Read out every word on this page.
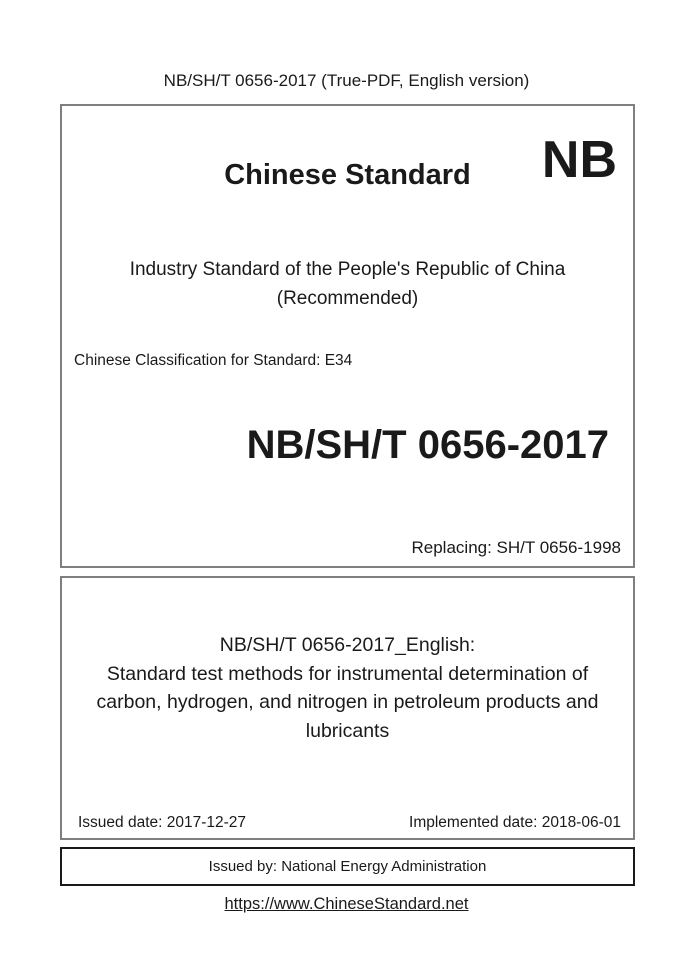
NB/SH/T 0656-2017 (True-PDF, English version)
Chinese Standard	NB
Industry Standard of the People's Republic of China
(Recommended)
Chinese Classification for Standard: E34
NB/SH/T 0656-2017
Replacing: SH/T 0656-1998
NB/SH/T 0656-2017_English:
Standard test methods for instrumental determination of
carbon, hydrogen, and nitrogen in petroleum products and
lubricants
Issued date: 2017-12-27	Implemented date: 2018-06-01
Issued by: National Energy Administration
https://www.ChineseStandard.net
